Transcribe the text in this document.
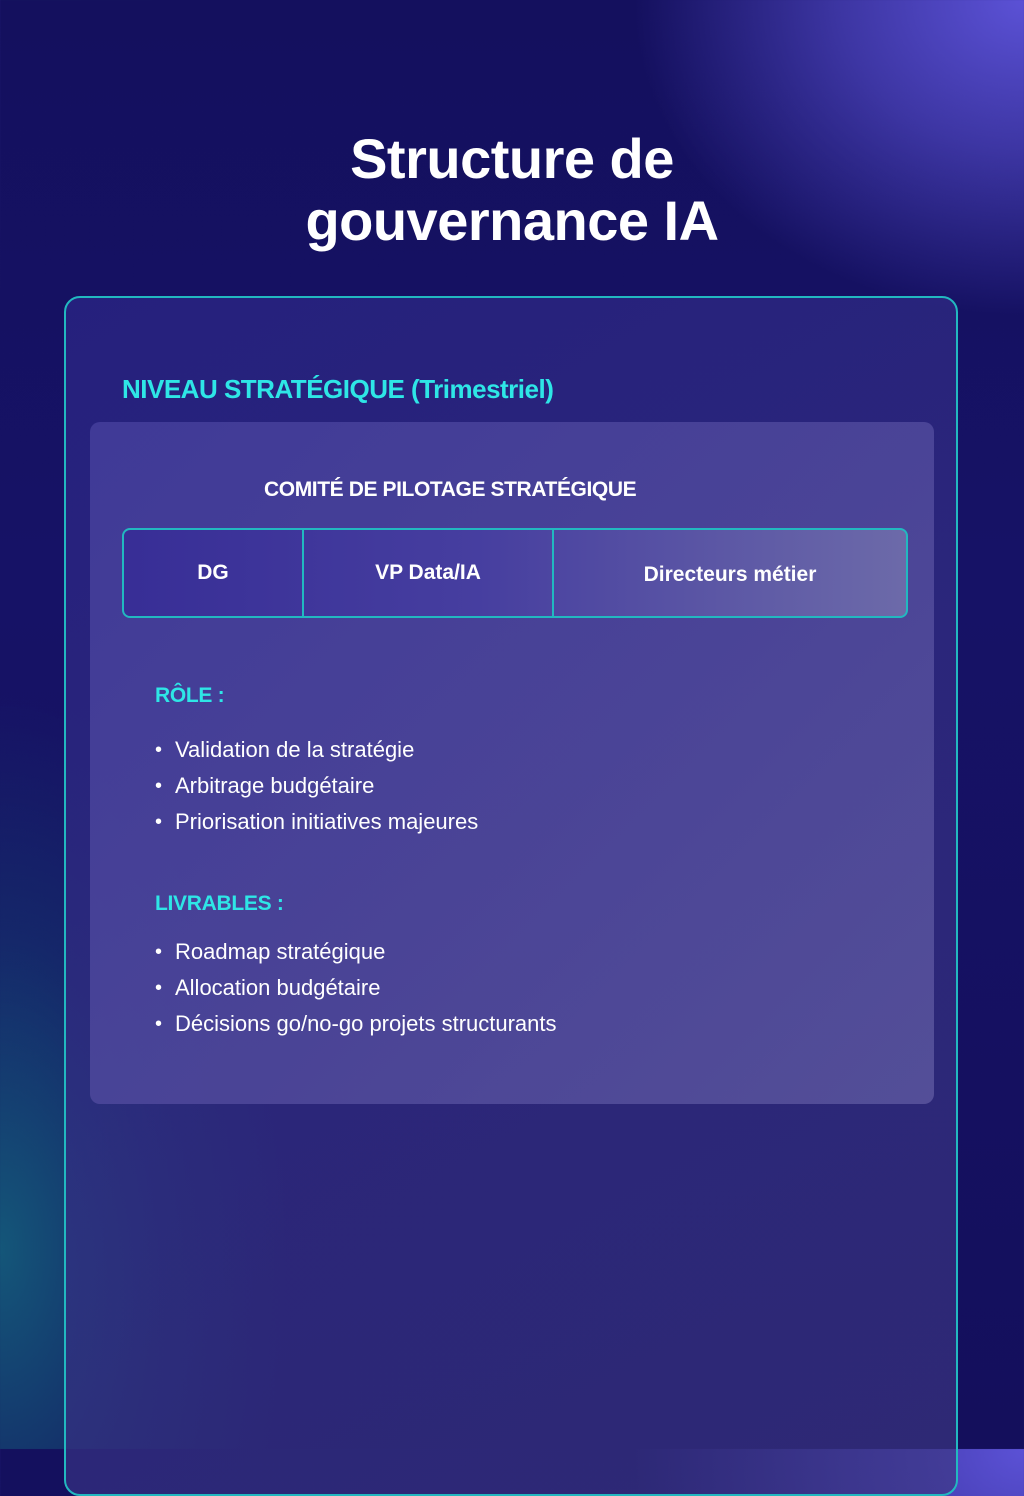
Structure de
gouvernance IA
NIVEAU STRATÉGIQUE (Trimestriel)
COMITÉ DE PILOTAGE STRATÉGIQUE
DG	VP Data/IA	Directeurs métier
RÔLE :
• Validation de la stratégie
• Arbitrage budgétaire
• Priorisation initiatives majeures
LIVRABLES :
• Roadmap stratégique
• Allocation budgétaire
• Décisions go/no-go projets structurants
